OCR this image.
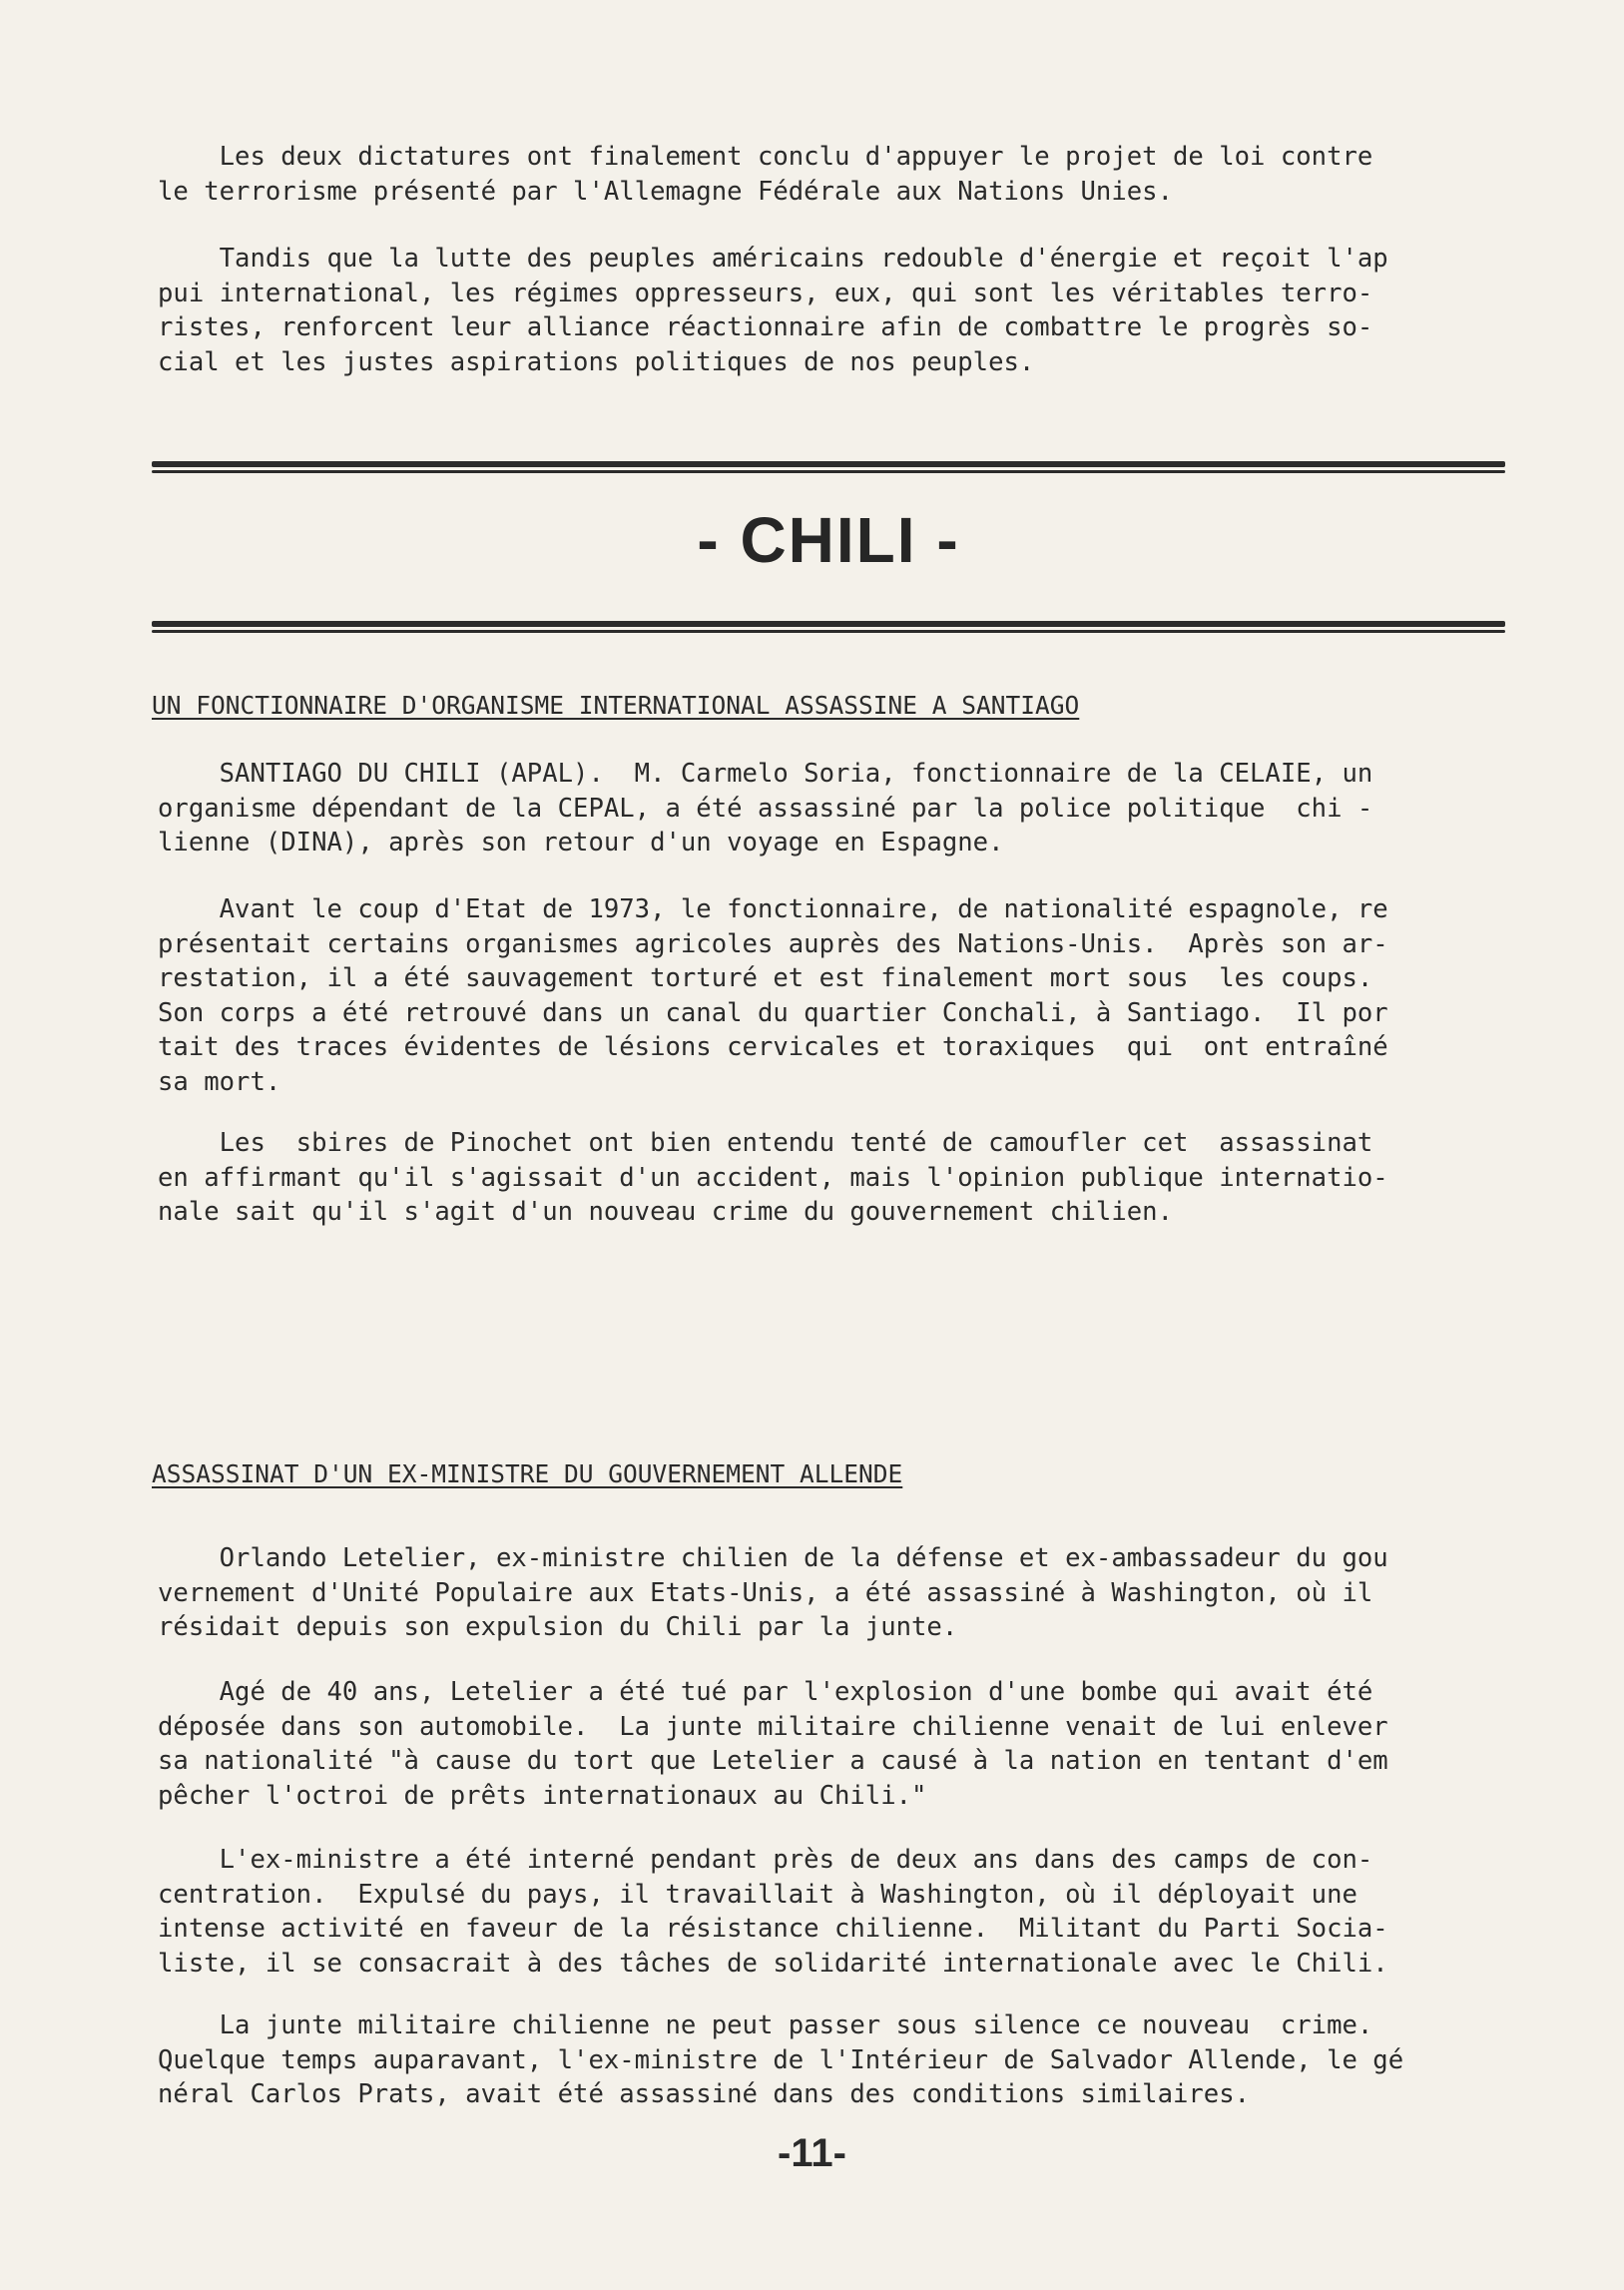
Les deux dictatures ont finalement conclu d'appuyer le projet de loi contre
le terrorisme présenté par l'Allemagne Fédérale aux Nations Unies.

Tandis que la lutte des peuples américains redouble d'énergie et reçoit l'ap
pui international, les régimes oppresseurs, eux, qui sont les véritables terro-
ristes, renforcent leur alliance réactionnaire afin de combattre le progrès so-
cial et les justes aspirations politiques de nos peuples.

- CHILI -
UN FONCTIONNAIRE D'ORGANISME INTERNATIONAL ASSASSINE A SANTIAGO

SANTIAGO DU CHILI (APAL).  M. Carmelo Soria, fonctionnaire de la CELAIE, un
organisme dépendant de la CEPAL, a été assassiné par la police politique  chi -
lienne (DINA), après son retour d'un voyage en Espagne.

Avant le coup d'Etat de 1973, le fonctionnaire, de nationalité espagnole, re
présentait certains organismes agricoles auprès des Nations-Unis.  Après son ar-
restation, il a été sauvagement torturé et est finalement mort sous  les coups.
Son corps a été retrouvé dans un canal du quartier Conchali, à Santiago.  Il por
tait des traces évidentes de lésions cervicales et toraxiques  qui  ont entraîné
sa mort.

Les  sbires de Pinochet ont bien entendu tenté de camoufler cet  assassinat
en affirmant qu'il s'agissait d'un accident, mais l'opinion publique internatio-
nale sait qu'il s'agit d'un nouveau crime du gouvernement chilien.

ASSASSINAT D'UN EX-MINISTRE DU GOUVERNEMENT ALLENDE

Orlando Letelier, ex-ministre chilien de la défense et ex-ambassadeur du gou
vernement d'Unité Populaire aux Etats-Unis, a été assassiné à Washington, où il
résidait depuis son expulsion du Chili par la junte.

Agé de 40 ans, Letelier a été tué par l'explosion d'une bombe qui avait été
déposée dans son automobile.  La junte militaire chilienne venait de lui enlever
sa nationalité "à cause du tort que Letelier a causé à la nation en tentant d'em
pêcher l'octroi de prêts internationaux au Chili."

L'ex-ministre a été interné pendant près de deux ans dans des camps de con-
centration.  Expulsé du pays, il travaillait à Washington, où il déployait une
intense activité en faveur de la résistance chilienne.  Militant du Parti Socia-
liste, il se consacrait à des tâches de solidarité internationale avec le Chili.

La junte militaire chilienne ne peut passer sous silence ce nouveau  crime.
Quelque temps auparavant, l'ex-ministre de l'Intérieur de Salvador Allende, le gé
néral Carlos Prats, avait été assassiné dans des conditions similaires.

-11-
